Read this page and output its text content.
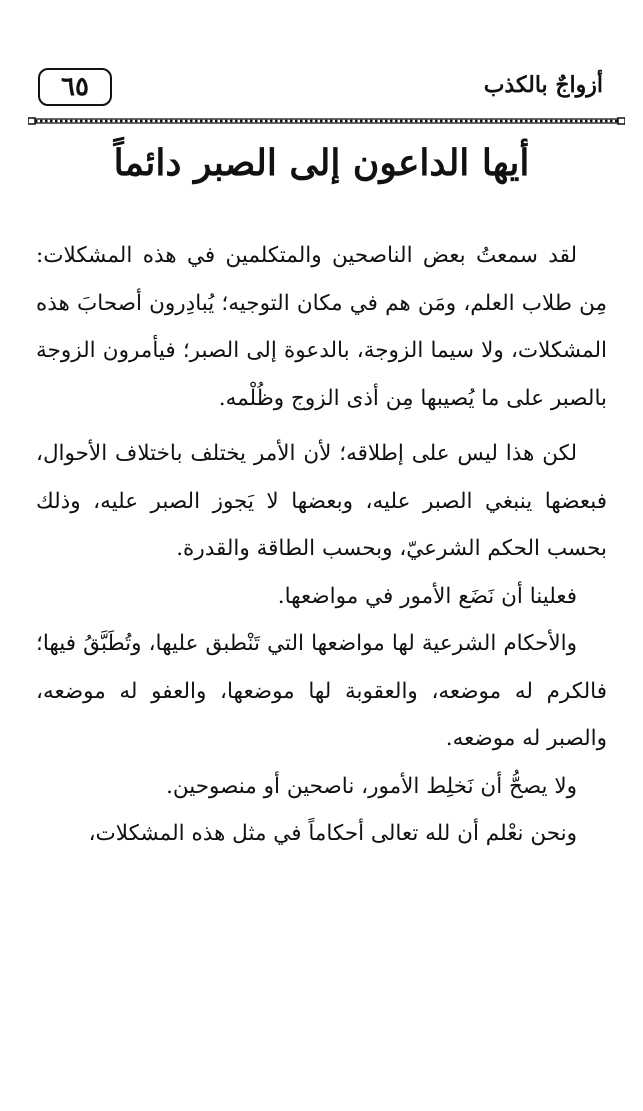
٦٥	أزواجٌ بالكذب
أيها الداعون إلى الصبر دائماً

لقد سمعتُ بعض الناصحين والمتكلمين في هذه المشكلات: مِن طلاب العلم، ومَن هم في مكان التوجيه؛ يُبادِرون أصحابَ هذه المشكلات، ولا سيما الزوجة، بالدعوة إلى الصبر؛ فيأمرون الزوجة بالصبر على ما يُصيبها مِن أذى الزوج وظُلْمه.

لكن هذا ليس على إطلاقه؛ لأن الأمر يختلف باختلاف الأحوال، فبعضها ينبغي الصبر عليه، وبعضها لا يَجوز الصبر عليه، وذلك بحسب الحكم الشرعيّ، وبحسب الطاقة والقدرة.

فعلينا أن نَضَع الأمور في مواضعها.

والأحكام الشرعية لها مواضعها التي تَنْطبق عليها، وتُطَبَّقُ فيها؛ فالكرم له موضعه، والعقوبة لها موضعها، والعفو له موضعه، والصبر له موضعه.

ولا يصحُّ أن نَخلِط الأمور، ناصحين أو منصوحين.

ونحن نعْلم أن لله تعالى أحكاماً في مثل هذه المشكلات،
